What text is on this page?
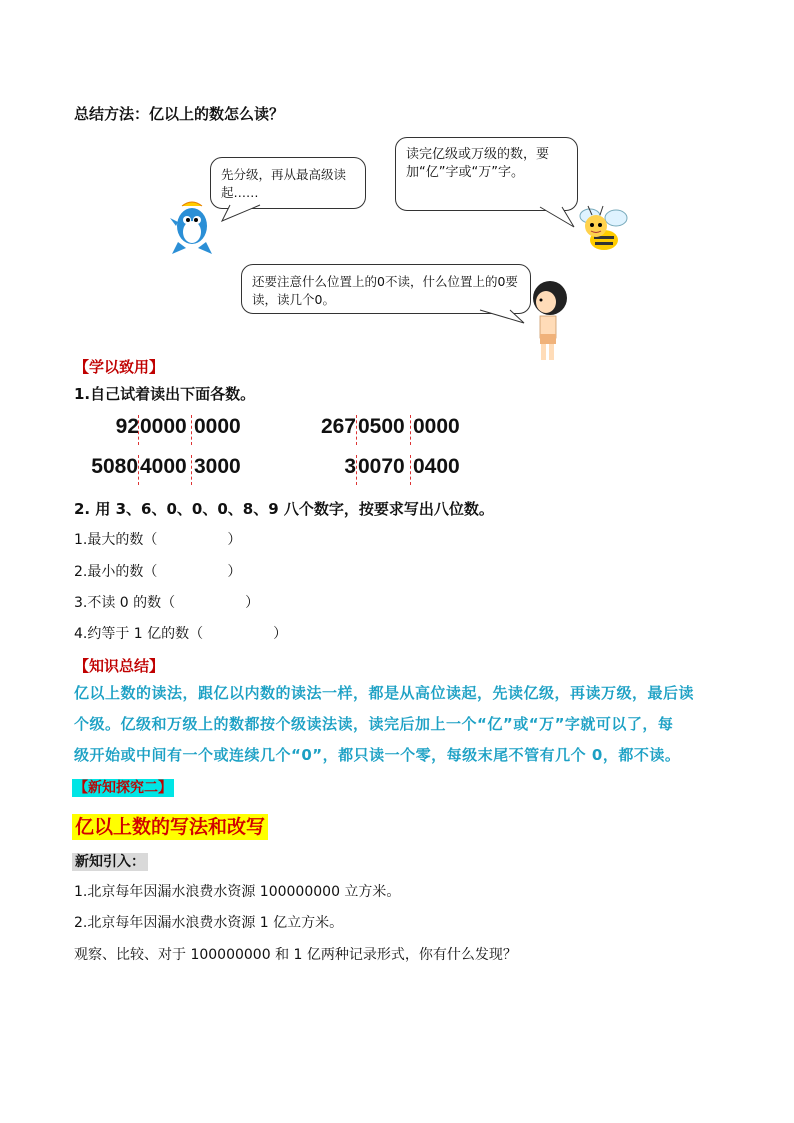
总结方法：亿以上的数怎么读？
先分级，再从最高级读起……
读完亿级或万级的数，要加“亿”字或“万”字。
还要注意什么位置上的0不读，什么位置上的0要读，读几个0。
【学以致用】
1.自己试着读出下面各数。
92 0000 0000	267 0500 0000
5080 4000 3000	3 0070 0400
2. 用 3、6、0、0、0、8、9 八个数字，按要求写出八位数。
1.最大的数（　　　　　）
2.最小的数（　　　　　）
3.不读 0 的数（　　　　　）
4.约等于 1 亿的数（　　　　　）
【知识总结】
亿以上数的读法，跟亿以内数的读法一样，都是从高位读起，先读亿级，再读万级，最后读
个级。亿级和万级上的数都按个级读法读，读完后加上一个“亿”或“万”字就可以了，每
级开始或中间有一个或连续几个“0”，都只读一个零，每级末尾不管有几个 0，都不读。
【新知探究二】
亿以上数的写法和改写
新知引入：
1.北京每年因漏水浪费水资源 100000000 立方米。
2.北京每年因漏水浪费水资源 1 亿立方米。
观察、比较、对于 100000000 和 1 亿两种记录形式，你有什么发现？
